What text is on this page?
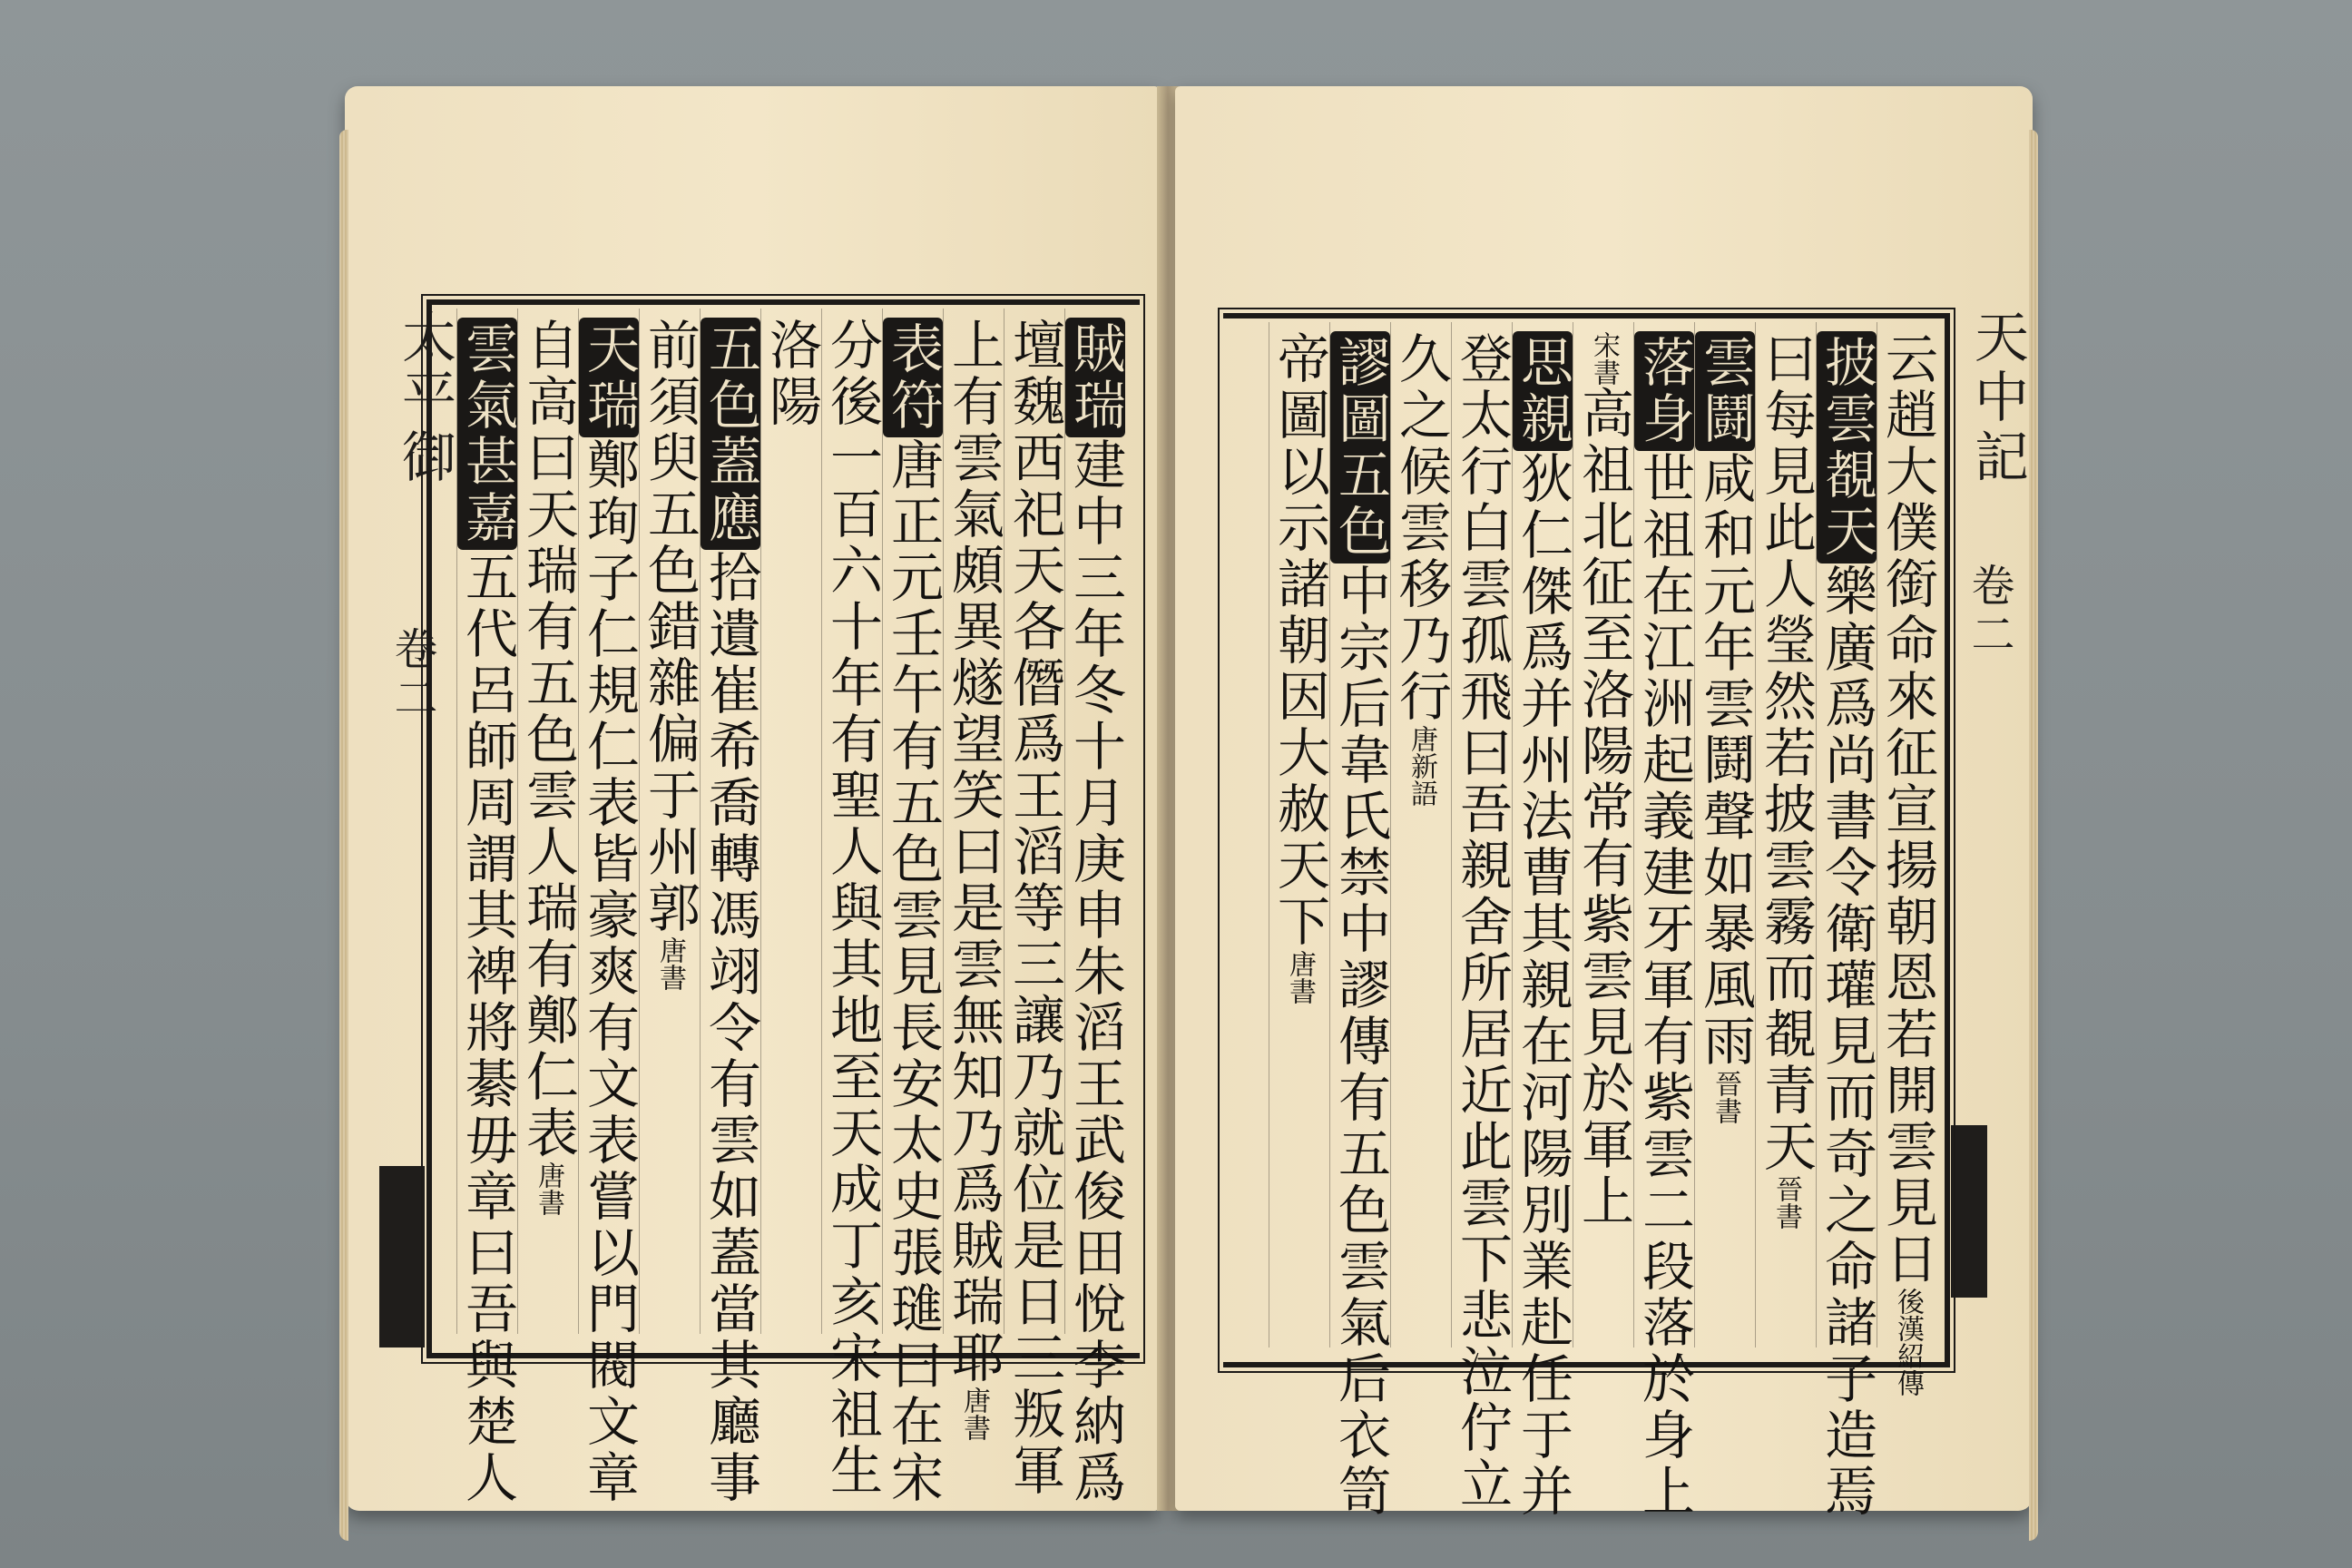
太平御
卷二
天中記
卷二
賊瑞建中三年冬十月庚申朱滔王武俊田悅李納爲
壇魏西祀天各僭爲王滔等三讓乃就位是日三叛軍
上有雲氣頗異燧望笑曰是雲無知乃爲賊瑞耶唐書
表符唐正元壬午有五色雲見長安太史張璡曰在宋
分後一百六十年有聖人與其地至天成丁亥宋祖生
洛陽
五色蓋應拾遺崔希喬轉馮翊令有雲如蓋當其廳事
前須臾五色錯雜偏于州郭唐書
天瑞鄭珣子仁規仁表皆豪爽有文表嘗以門閥文章
自高曰天瑞有五色雲人瑞有鄭仁表唐書
雲氣甚嘉五代呂師周謂其裨將綦毋章曰吾與楚人	云趙大僕銜命來征宣揚朝恩若開雲見日後漢紹傳
披雲覩天樂廣爲尚書令衛瓘見而奇之命諸子造焉
曰每見此人瑩然若披雲霧而覩青天晉書
雲鬪咸和元年雲鬪聲如暴風雨晉書
落身世祖在江洲起義建牙軍有紫雲二段落於身上
宋書高祖北征至洛陽常有紫雲見於軍上
思親狄仁傑爲并州法曹其親在河陽別業赴任于并
登太行白雲孤飛曰吾親舍所居近此雲下悲泣佇立
久之候雲移乃行唐新語
謬圖五色中宗后韋氏禁中謬傳有五色雲氣后衣笥
帝圖以示諸朝因大赦天下唐書
